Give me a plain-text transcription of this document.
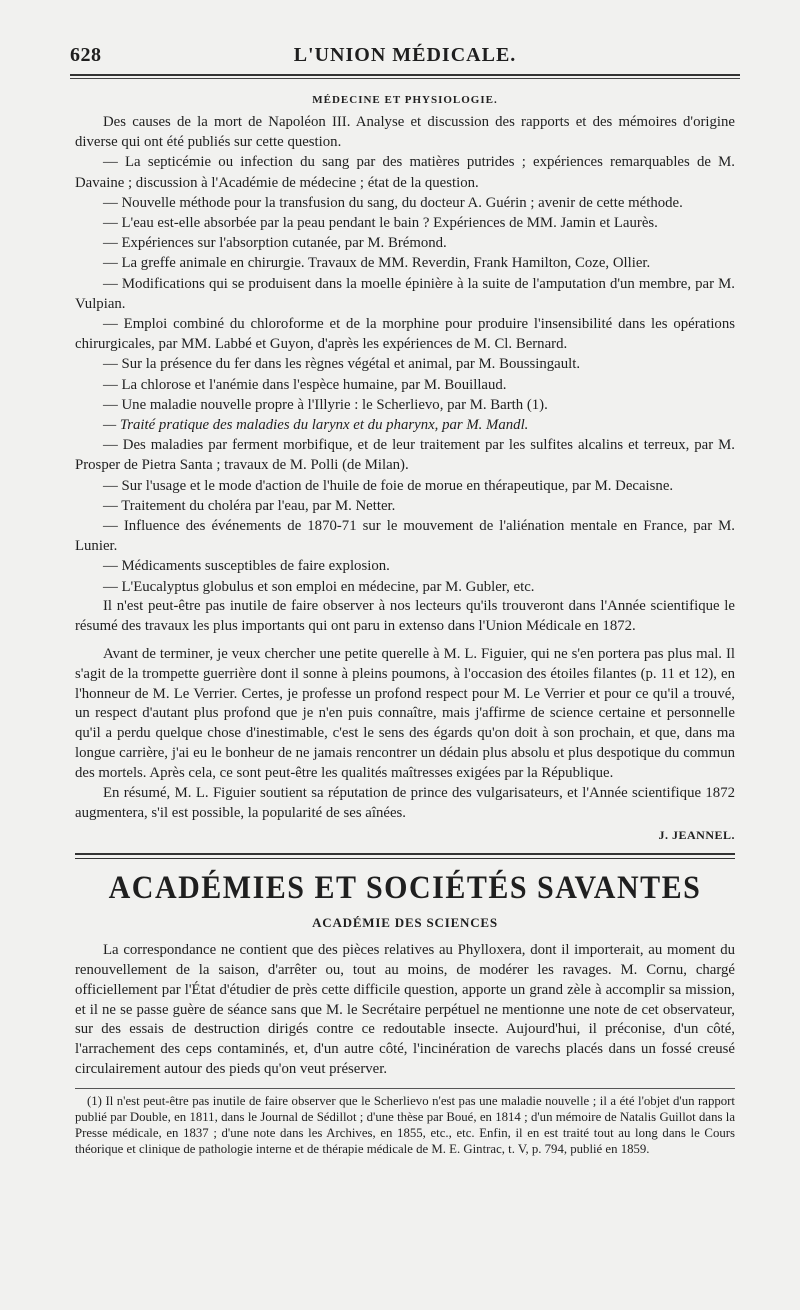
628	L'UNION MÉDICALE.
MÉDECINE ET PHYSIOLOGIE.
Des causes de la mort de Napoléon III. Analyse et discussion des rapports et des mémoires d'origine diverse qui ont été publiés sur cette question.
— La septicémie ou infection du sang par des matières putrides ; expériences remarquables de M. Davaine ; discussion à l'Académie de médecine ; état de la question.
— Nouvelle méthode pour la transfusion du sang, du docteur A. Guérin ; avenir de cette méthode.
— L'eau est-elle absorbée par la peau pendant le bain ? Expériences de MM. Jamin et Laurès.
— Expériences sur l'absorption cutanée, par M. Brémond.
— La greffe animale en chirurgie. Travaux de MM. Reverdin, Frank Hamilton, Coze, Ollier.
— Modifications qui se produisent dans la moelle épinière à la suite de l'amputation d'un membre, par M. Vulpian.
— Emploi combiné du chloroforme et de la morphine pour produire l'insensibilité dans les opérations chirurgicales, par MM. Labbé et Guyon, d'après les expériences de M. Cl. Bernard.
— Sur la présence du fer dans les règnes végétal et animal, par M. Boussingault.
— La chlorose et l'anémie dans l'espèce humaine, par M. Bouillaud.
— Une maladie nouvelle propre à l'Illyrie : le Scherlievo, par M. Barth (1).
— Traité pratique des maladies du larynx et du pharynx, par M. Mandl.
— Des maladies par ferment morbifique, et de leur traitement par les sulfites alcalins et terreux, par M. Prosper de Pietra Santa ; travaux de M. Polli (de Milan).
— Sur l'usage et le mode d'action de l'huile de foie de morue en thérapeutique, par M. Decaisne.
— Traitement du choléra par l'eau, par M. Netter.
— Influence des événements de 1870-71 sur le mouvement de l'aliénation mentale en France, par M. Lunier.
— Médicaments susceptibles de faire explosion.
— L'Eucalyptus globulus et son emploi en médecine, par M. Gubler, etc.

Il n'est peut-être pas inutile de faire observer à nos lecteurs qu'ils trouveront dans l'Année scientifique le résumé des travaux les plus importants qui ont paru in extenso dans l'Union Médicale en 1872.

Avant de terminer, je veux chercher une petite querelle à M. L. Figuier, qui ne s'en portera pas plus mal. Il s'agit de la trompette guerrière dont il sonne à pleins poumons, à l'occasion des étoiles filantes (p. 11 et 12), en l'honneur de M. Le Verrier. Certes, je professe un profond respect pour M. Le Verrier et pour ce qu'il a trouvé, un respect d'autant plus profond que je n'en puis connaître, mais j'affirme de science certaine et personnelle qu'il a perdu quelque chose d'inestimable, c'est le sens des égards qu'on doit à son prochain, et que, dans ma longue carrière, j'ai eu le bonheur de ne jamais rencontrer un dédain plus absolu et plus despotique du commun des mortels. Après cela, ce sont peut-être les qualités maîtresses exigées par la République.

En résumé, M. L. Figuier soutient sa réputation de prince des vulgarisateurs, et l'Année scientifique 1872 augmentera, s'il est possible, la popularité de ses aînées.

J. JEANNEL.
ACADÉMIES ET SOCIÉTÉS SAVANTES
ACADÉMIE DES SCIENCES

La correspondance ne contient que des pièces relatives au Phylloxera, dont il importerait, au moment du renouvellement de la saison, d'arrêter ou, tout au moins, de modérer les ravages. M. Cornu, chargé officiellement par l'État d'étudier de près cette difficile question, apporte un grand zèle à accomplir sa mission, et il ne se passe guère de séance sans que M. le Secrétaire perpétuel ne mentionne une note de cet observateur, sur des essais de destruction dirigés contre ce redoutable insecte. Aujourd'hui, il préconise, d'un côté, l'arrachement des ceps contaminés, et, d'un autre côté, l'incinération de varechs placés dans un fossé creusé circulairement autour des pieds qu'on veut préserver.

(1) Il n'est peut-être pas inutile de faire observer que le Scherlievo n'est pas une maladie nouvelle ; il a été l'objet d'un rapport publié par Double, en 1811, dans le Journal de Sédillot ; d'une thèse par Boué, en 1814 ; d'un mémoire de Natalis Guillot dans la Presse médicale, en 1837 ; d'une note dans les Archives, en 1855, etc., etc. Enfin, il en est traité tout au long dans le Cours théorique et clinique de pathologie interne et de thérapie médicale de M. E. Gintrac, t. V, p. 794, publié en 1859.
